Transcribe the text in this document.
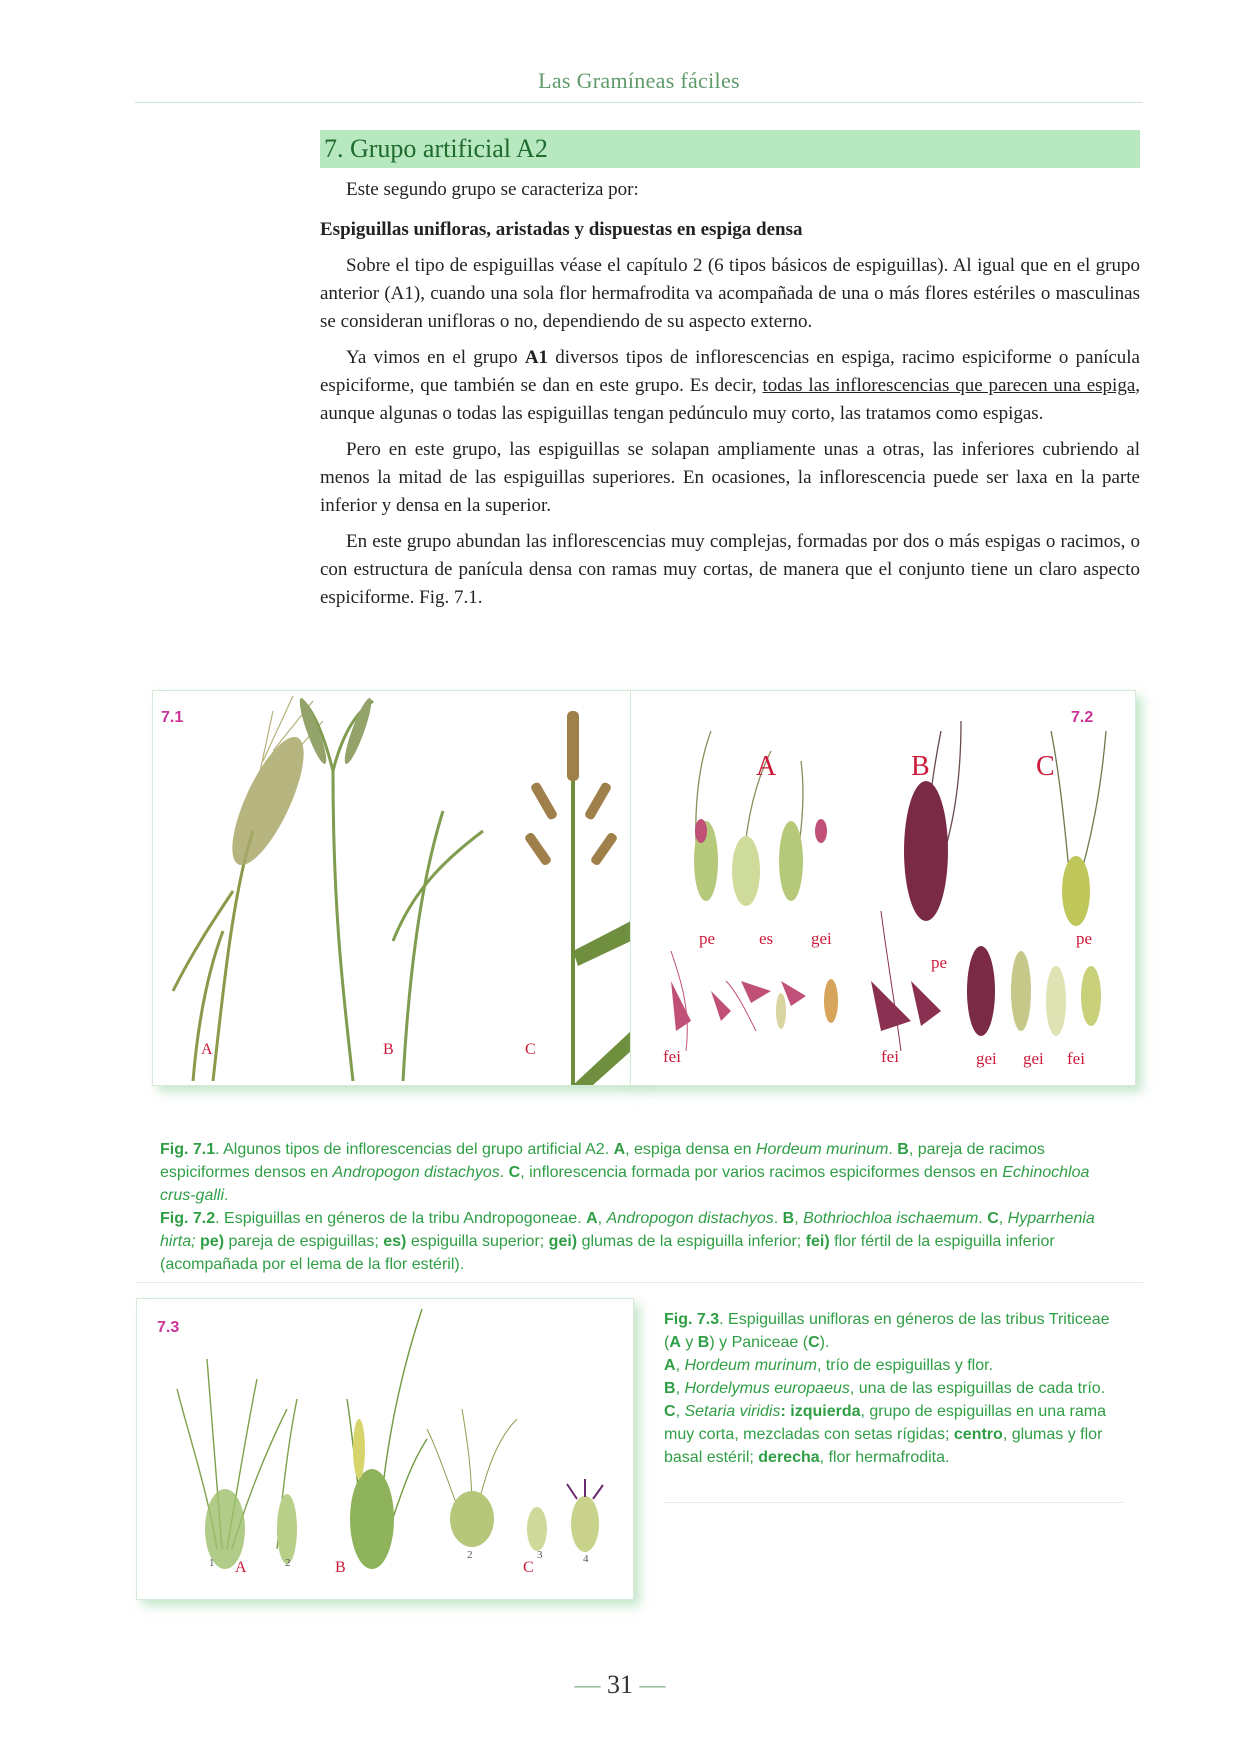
Las Gramíneas fáciles
7. Grupo artificial A2

Este segundo grupo se caracteriza por:

Espiguillas unifloras, aristadas y dispuestas en espiga densa

Sobre el tipo de espiguillas véase el capítulo 2 (6 tipos básicos de espiguillas). Al igual que en el grupo anterior (A1), cuando una sola flor hermafrodita va acompañada de una o más flores estériles o masculinas se consideran unifloras o no, dependiendo de su aspecto externo.

Ya vimos en el grupo A1 diversos tipos de inflorescencias en espiga, racimo espiciforme o panícula espiciforme, que también se dan en este grupo. Es decir, todas las inflorescencias que parecen una espiga, aunque algunas o todas las espiguillas tengan pedúnculo muy corto, las tratamos como espigas.

Pero en este grupo, las espiguillas se solapan ampliamente unas a otras, las inferiores cubriendo al menos la mitad de las espiguillas superiores. En ocasiones, la inflorescencia puede ser laxa en la parte inferior y densa en la superior.

En este grupo abundan las inflorescencias muy complejas, formadas por dos o más espigas o racimos, o con estructura de panícula densa con ramas muy cortas, de manera que el conjunto tiene un claro aspecto espiciforme. Fig. 7.1.

7.1
A	B	C
7.2
A	B	C
pe	es gei
pe
pe
fei	fei	gei gei fei

Fig. 7.1. Algunos tipos de inflorescencias del grupo artificial A2. A, espiga densa en Hordeum murinum. B, pareja de racimos espiciformes densos en Andropogon distachyos. C, inflorescencia formada por varios racimos espiciformes densos en Echinochloa crus-galli.

Fig. 7.2. Espiguillas en géneros de la tribu Andropogoneae. A, Andropogon distachyos. B, Bothriochloa ischaemum. C, Hyparrhenia hirta; pe) pareja de espiguillas; es) espiguilla superior; gei) glumas de la espiguilla inferior; fei) flor fértil de la espiguilla inferior (acompañada por el lema de la flor estéril).

7.3
A	B	C
1	2
2	3	4

Fig. 7.3. Espiguillas unifloras en géneros de las tribus Triticeae (A y B) y Paniceae (C).

A, Hordeum murinum, trío de espiguillas y flor.

B, Hordelymus europaeus, una de las espiguillas de cada trío.

C, Setaria viridis: izquierda, grupo de espiguillas en una rama muy corta, mezcladas con setas rígidas; centro, glumas y flor basal estéril; derecha, flor hermafrodita.

— 31 —
